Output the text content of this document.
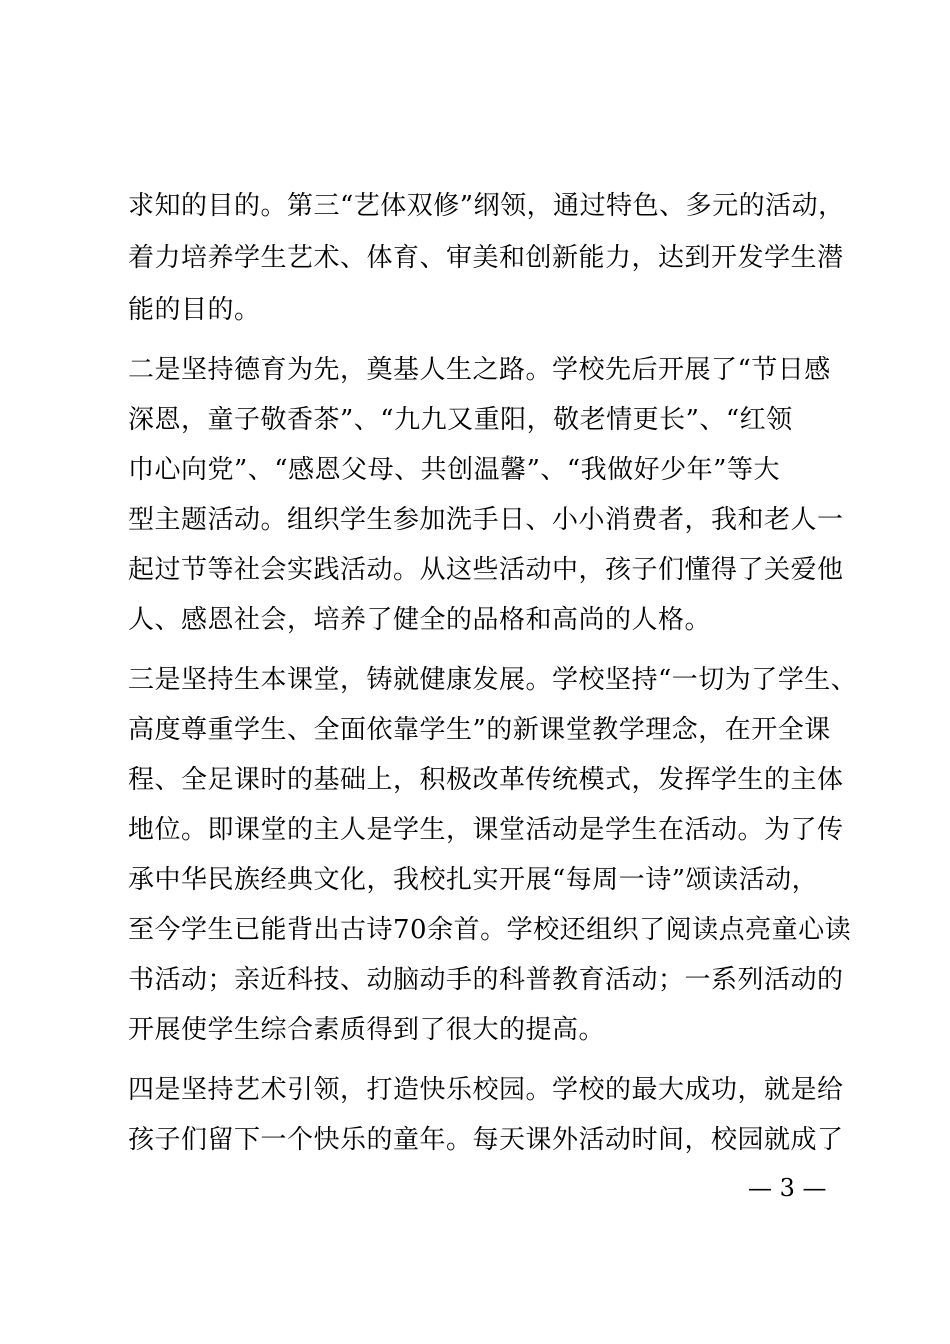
求知的目的。第三“艺体双修”纲领，通过特色、多元的活动，
着力培养学生艺术、体育、审美和创新能力，达到开发学生潜
能的目的。
二是坚持德育为先，奠基人生之路。学校先后开展了“节日感
深恩，童子敬香茶”、“九九又重阳，敬老情更长”、“红领
巾心向党”、“感恩父母、共创温馨”、“我做好少年”等大
型主题活动。组织学生参加洗手日、小小消费者，我和老人一
起过节等社会实践活动。从这些活动中，孩子们懂得了关爱他
人、感恩社会，培养了健全的品格和高尚的人格。
三是坚持生本课堂，铸就健康发展。学校坚持“一切为了学生、
高度尊重学生、全面依靠学生”的新课堂教学理念，在开全课
程、全足课时的基础上，积极改革传统模式，发挥学生的主体
地位。即课堂的主人是学生，课堂活动是学生在活动。为了传
承中华民族经典文化，我校扎实开展“每周一诗”颂读活动，
至今学生已能背出古诗70余首。学校还组织了阅读点亮童心读
书活动；亲近科技、动脑动手的科普教育活动；一系列活动的
开展使学生综合素质得到了很大的提高。
四是坚持艺术引领，打造快乐校园。学校的最大成功，就是给
孩子们留下一个快乐的童年。每天课外活动时间，校园就成了
— 3 —
